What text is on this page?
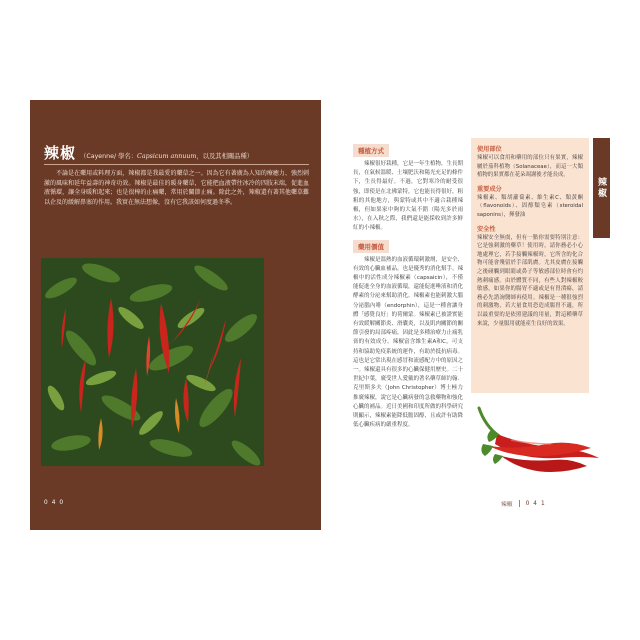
辣椒 （Cayenne/ 學名：Capsicum annuum，以及其相關品種）

不論是在藥用或料理方面，辣椒都是我最愛的藥草之一。因為它有著廣為人知的療癒力、強烈刺激的風味和延年益壽的神奇功效。辣椒是最佳的暖身藥草，它能把血液帶往冰冷的四肢末端，促進血液循環，讓全身暖和起來；也是很棒的止痛藥，常用於關節止痛。除此之外，辣椒還有著其他藥草難以企及的緩解鼻塞的作用。我實在無法想像，沒有它我該如何度過冬季。

040
種植方式

辣椒很好栽種，它是一年生植物，生長期長，在氣候溫暖、土壤肥沃和陽光充足的條件下，生長得最好。不過，它對寒冷的耐受很強，即使是在北佛蒙特，它也能長得很好，粗粗的其他地方，與蒙特或其中不適合栽種辣椒，但如果家中夠的大氣不錯（陽光多於雨水），在入秋之際，我們還是能採收到許多鮮紅的小辣椒。

藥用價值

辣椒是溫熱的血液循環刺激劑，是安全、有效的心臟血補品，也是優秀的消化幫手。辣椒中的活性成分辣椒素（capsaicin），不僅能促進全身的血液循環，還能促進唾液和消化酵素的分泌來幫助消化。辣椒素也能刺激大腦分泌腦內啡（endorphin），這是一種會讓身體「感覺良好」的荷爾蒙。辣椒素已被證實能有效緩解關節炎、滑囊炎，以及肌肉關節的關節引發的局部疼痛，因此是多種治療力止痛乳膏的有效成分。辣椒富含維生素A和C，可支持和協助免疫系統的運作，有助於抵抗病毒。這也是它常出現在感冒和流感配方中的原因之一。辣椒還具有很多的心臟保健用歷史。二十世紀中葉，廣受世人愛戴的著名藥草師約翰．克里斯多夫（John Christopher）博士極力推廣辣椒，說它是心臟病發的急救藥物和強化心臟的補品。近日美國和印度所做的科學研究則顯示，辣椒素能降低膽固醇，且或許有助降低心臟疾病的嚴重程度。

使用部位

辣椒可以食用和藥用的部位只有果實，辣椒屬於茄科植物（Solanaceae），而這一大類植物的果實都在花朵凋謝後才能長成。

重要成分

辣椒素、類胡蘿蔔素、維生素C、類黃酮（flavonoids）、固醇類皂素（steroidal saponins），揮發油

安全性

辣椒安全無虞，但有一點你需要特別注意：它是強刺激的藥草！使用時，請你務必小心地處理它，若手接觸辣椒時，它所含的化合物可能會殘留於手部肌膚。尤其皮膚在接觸之後碰觸到眼睛或鼻子等敏感部位時會有灼熱刺痛感。由於體質不同，有些人對辣椒較敏感，如果你的腸胃不適或是有胃潰瘍，請務必先諮詢醫師再使用。辣椒是一種很強烈的刺激物，若大量食用恐造成腸胃不適，所以最重要的是依照建議的用量，對這種藥草來說，少量服用就能產生良好的效果。

辣椒
辣椒 041
